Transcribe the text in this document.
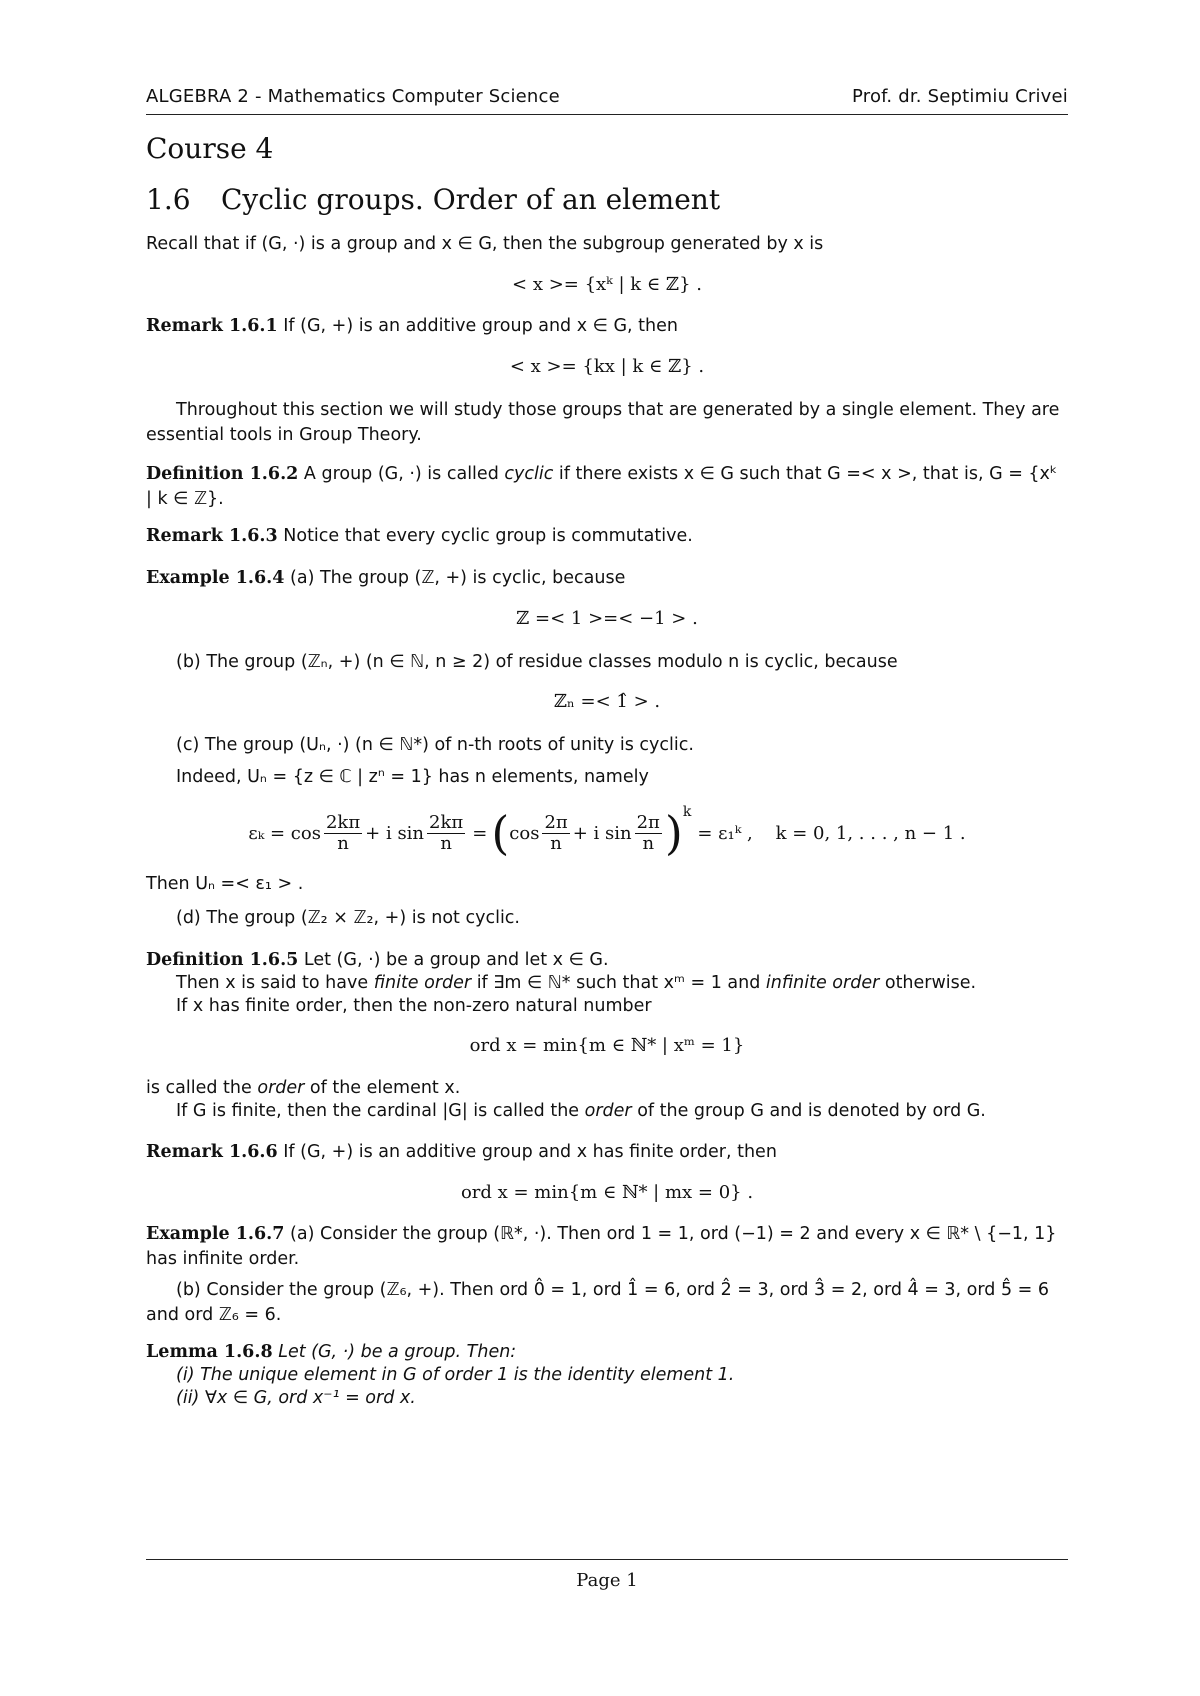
ALGEBRA 2 - Mathematics Computer Science	Prof. dr. Septimiu Crivei
Course 4
1.6 Cyclic groups. Order of an element
Recall that if (G, ·) is a group and x ∈ G, then the subgroup generated by x is
< x >= {xᵏ | k ∈ ℤ} .
Remark 1.6.1 If (G, +) is an additive group and x ∈ G, then
< x >= {kx | k ∈ ℤ} .
Throughout this section we will study those groups that are generated by a single element. They are essential tools in Group Theory.
Definition 1.6.2 A group (G, ·) is called cyclic if there exists x ∈ G such that G =< x >, that is, G = {xᵏ | k ∈ ℤ}.
Remark 1.6.3 Notice that every cyclic group is commutative.
Example 1.6.4 (a) The group (ℤ, +) is cyclic, because
ℤ =< 1 >=< −1 > .
(b) The group (ℤₙ, +) (n ∈ ℕ, n ≥ 2) of residue classes modulo n is cyclic, because
ℤₙ =< 1̂ > .
(c) The group (Uₙ, ·) (n ∈ ℕ*) of n-th roots of unity is cyclic.
Indeed, Uₙ = {z ∈ ℂ | zⁿ = 1} has n elements, namely
$\varepsilon_k = \cos \frac{2k\pi}{n} + i$ $\sin \frac{2k\pi}{n}$ = ( $\cos \frac{2\pi}{n} + i$ $\sin \frac{2\pi}{n} )^k$
= ε₁ᵏ ,    k = 0, 1, . . . , n − 1 .
Then Uₙ =< ε₁ > .
(d) The group (ℤ₂ × ℤ₂, +) is not cyclic.
Definition 1.6.5 Let (G, ·) be a group and let x ∈ G.
Then x is said to have finite order if ∃m ∈ ℕ* such that xᵐ = 1 and infinite order otherwise.
If x has finite order, then the non-zero natural number
ord x = min{m ∈ ℕ* | xᵐ = 1}
is called the order of the element x.
If G is finite, then the cardinal |G| is called the order of the group G and is denoted by ord G.
Remark 1.6.6 If (G, +) is an additive group and x has finite order, then
ord x = min{m ∈ ℕ* | mx = 0} .
Example 1.6.7 (a) Consider the group (ℝ*, ·). Then ord 1 = 1, ord (−1) = 2 and every x ∈ ℝ* \ {−1, 1} has infinite order.
(b) Consider the group (ℤ₆, +). Then ord 0̂ = 1, ord 1̂ = 6, ord 2̂ = 3, ord 3̂ = 2, ord 4̂ = 3, ord 5̂ = 6 and ord ℤ₆ = 6.
Lemma 1.6.8 Let (G, ·) be a group. Then:
(i) The unique element in G of order 1 is the identity element 1.
(ii) ∀x ∈ G, ord x⁻¹ = ord x.
Page 1
